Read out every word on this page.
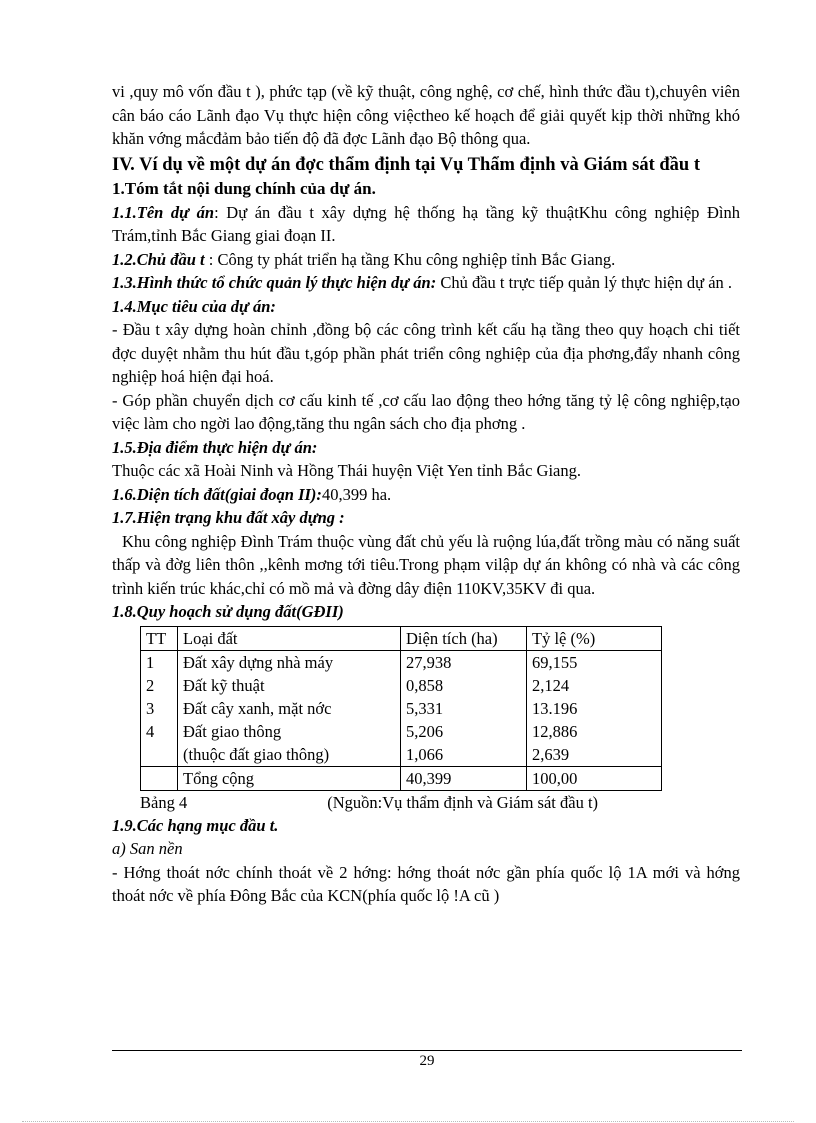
vi ,quy mô vốn đầu t ), phức tạp (về kỹ thuật, công nghệ, cơ chế, hình thức đầu t),chuyên viên cân báo cáo Lãnh đạo Vụ thực hiện công việctheo kế hoạch để giải quyết kịp thời những khó khăn vớng mắcđảm bảo tiến độ đã đợc Lãnh đạo Bộ thông qua.

IV. Ví dụ về một dự án đợc thẩm định tại Vụ Thẩm định và Giám sát đầu t

1.Tóm tắt nội dung chính của dự án.

1.1.Tên dự án: Dự án đầu t xây dựng hệ thống hạ tầng kỹ thuậtKhu công nghiệp Đình Trám,tỉnh Bắc Giang giai đoạn II.

1.2.Chủ đầu t : Công ty phát triển hạ tầng Khu công nghiệp tỉnh Bắc Giang.

1.3.Hình thức tổ chức quản lý thực hiện dự án: Chủ đầu t trực tiếp quản lý thực hiện dự án .

1.4.Mục tiêu của dự án:

- Đầu t xây dựng hoàn chỉnh ,đồng bộ các công trình kết cấu hạ tầng theo quy hoạch chi tiết đợc duyệt nhằm thu hút đầu t,góp phần phát triển công nghiệp của địa phơng,đẩy nhanh công nghiệp hoá hiện đại hoá.

- Góp phần chuyển dịch cơ cấu kinh tế ,cơ cấu lao động theo hớng tăng tỷ lệ công nghiệp,tạo việc làm cho ngời lao động,tăng thu ngân sách cho địa phơng .

1.5.Địa điểm thực hiện dự án:

Thuộc các xã Hoài Ninh và Hồng Thái huyện Việt Yen tỉnh Bắc Giang.

1.6.Diện tích đất(giai đoạn II):40,399 ha.

1.7.Hiện trạng khu đất xây dựng :

Khu công nghiệp Đình Trám thuộc vùng đất chủ yếu là ruộng lúa,đất trồng màu có năng suất thấp và đờg liên thôn ,,kênh mơng tới tiêu.Trong phạm vilập dự án không có nhà và các công trình kiến trúc khác,chỉ có mồ mả và đờng dây điện 110KV,35KV đi qua.

1.8.Quy hoạch sử dụng đất(GĐII)

TT	Loại đất	Diện tích (ha)	Tỷ lệ (%)
1	Đất xây dựng nhà máy	27,938	69,155
2	Đất kỹ thuật	0,858	2,124
3	Đất cây xanh, mặt nớc	5,331	13.196
4	Đất giao thông	5,206	12,886
	(thuộc đất giao thông)	1,066	2,639
	Tổng cộng	40,399	100,00

Bảng 4	(Nguồn:Vụ thẩm định và Giám sát đầu t)

1.9.Các hạng mục đầu t.

a) San nền

- Hớng thoát nớc chính thoát về 2 hớng: hớng thoát nớc gần phía quốc lộ 1A mới và hớng thoát nớc về phía Đông Bắc của KCN(phía quốc lộ !A cũ )

29
